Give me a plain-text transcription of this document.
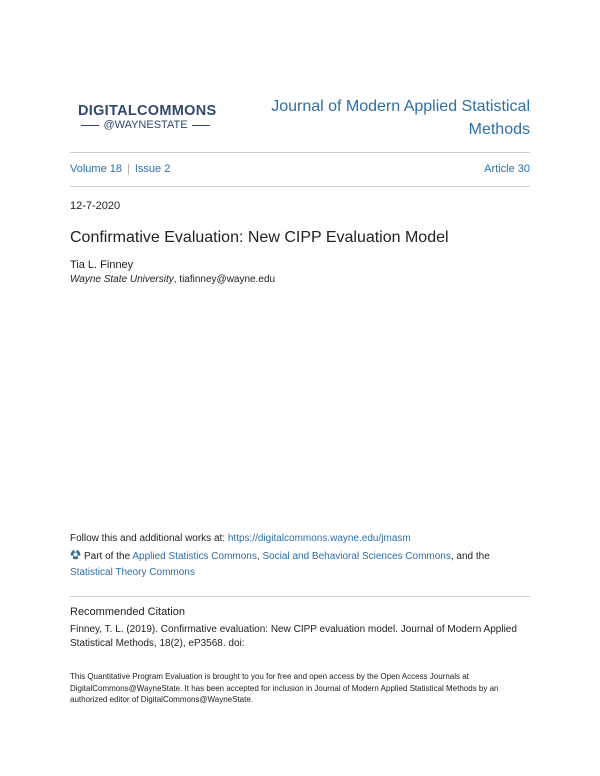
DIGITALCOMMONS
@WAYNESTATE
Journal of Modern Applied Statistical Methods
Volume 18 | Issue 2	Article 30
12-7-2020
Confirmative Evaluation: New CIPP Evaluation Model
Tia L. Finney
Wayne State University, tiafinney@wayne.edu
Follow this and additional works at: https://digitalcommons.wayne.edu/jmasm
Part of the Applied Statistics Commons, Social and Behavioral Sciences Commons, and the Statistical Theory Commons
Recommended Citation
Finney, T. L. (2019). Confirmative evaluation: New CIPP evaluation model. Journal of Modern Applied Statistical Methods, 18(2), eP3568. doi:
This Quantitative Program Evaluation is brought to you for free and open access by the Open Access Journals at DigitalCommons@WayneState. It has been accepted for inclusion in Journal of Modern Applied Statistical Methods by an authorized editor of DigitalCommons@WayneState.
